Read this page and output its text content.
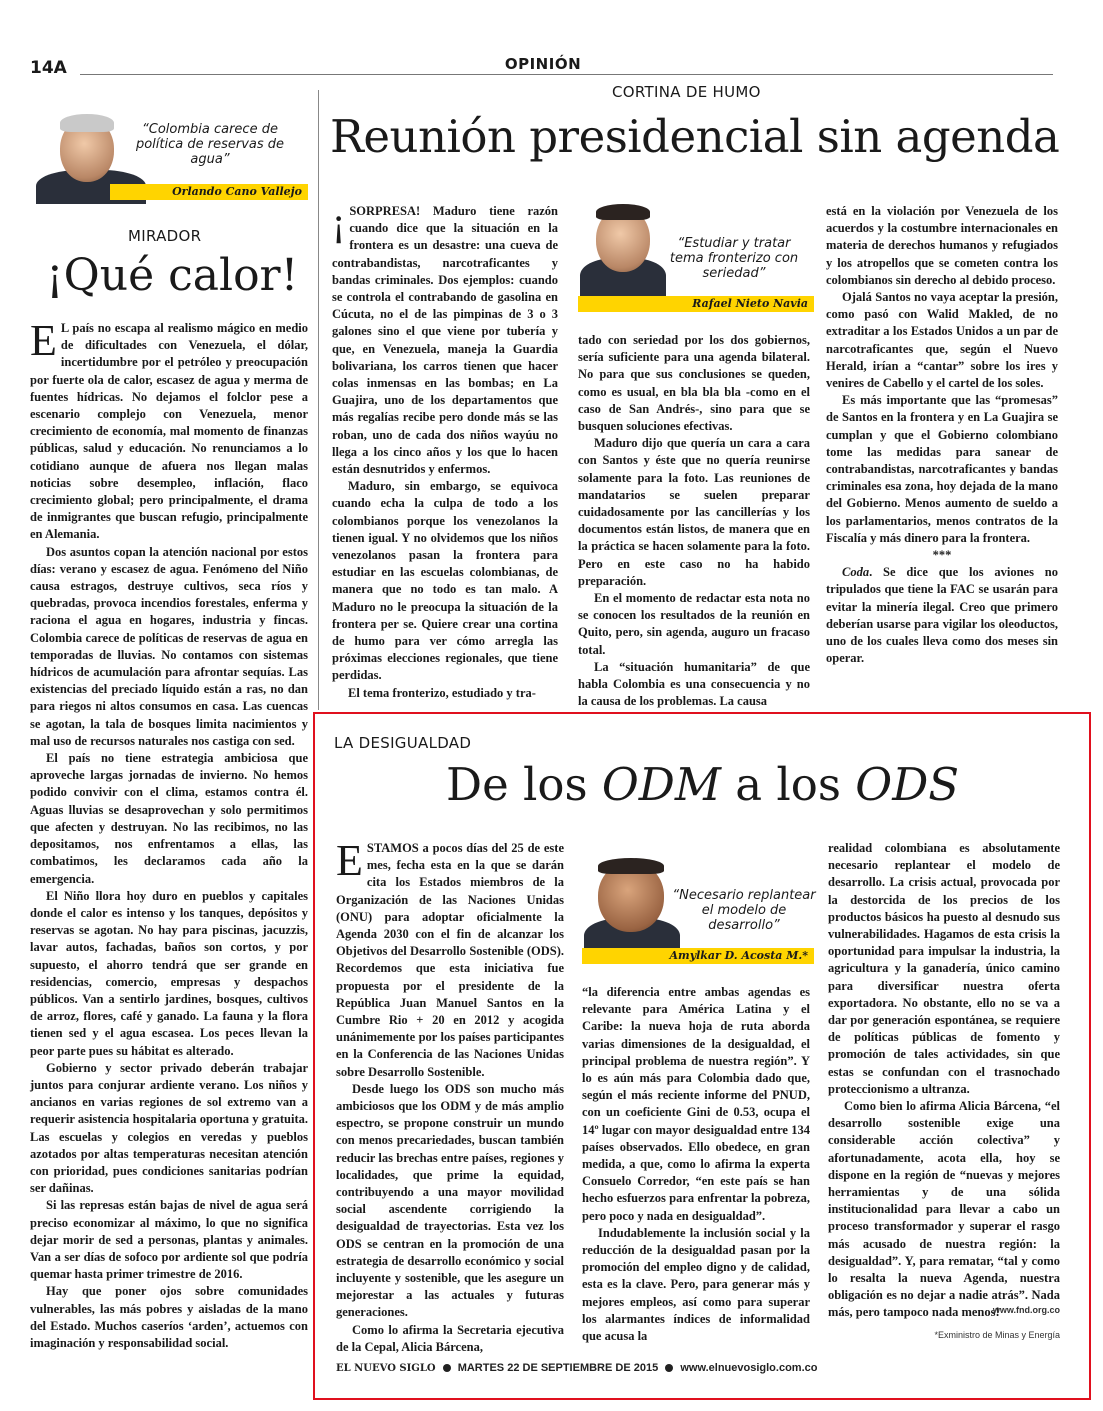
14A	OPINIÓN
“Colombia carece de política de reservas de agua”
Orlando Cano Vallejo
MIRADOR
¡Qué calor!

E L país no escapa al realismo mágico en medio de dificultades con Venezuela, el dólar, incertidumbre por el petróleo y preocupación por fuerte ola de calor, escasez de agua y merma de fuentes hídricas. No dejamos el folclor pese a escenario complejo con Venezuela, menor crecimiento de economía, mal momento de finanzas públicas, salud y educación. No renunciamos a lo cotidiano aunque de afuera nos llegan malas noticias sobre desempleo, inflación, flaco crecimiento global; pero principalmente, el drama de inmigrantes que buscan refugio, principalmente en Alemania.

Dos asuntos copan la atención nacional por estos días: verano y escasez de agua. Fenómeno del Niño causa estragos, destruye cultivos, seca ríos y quebradas, provoca incendios forestales, enferma y raciona el agua en hogares, industria y fincas. Colombia carece de políticas de reservas de agua en temporadas de lluvias. No contamos con sistemas hídricos de acumulación para afrontar sequías. Las existencias del preciado líquido están a ras, no dan para riegos ni altos consumos en casa. Las cuencas se agotan, la tala de bosques limita nacimientos y mal uso de recursos naturales nos castiga con sed.

El país no tiene estrategia ambiciosa que aproveche largas jornadas de invierno. No hemos podido convivir con el clima, estamos contra él. Aguas lluvias se desaprovechan y solo permitimos que afecten y destruyan. No las recibimos, no las depositamos, nos enfrentamos a ellas, las combatimos, les declaramos cada año la emergencia.

El Niño llora hoy duro en pueblos y capitales donde el calor es intenso y los tanques, depósitos y reservas se agotan. No hay para piscinas, jacuzzis, lavar autos, fachadas, baños son cortos, y por supuesto, el ahorro tendrá que ser grande en residencias, comercio, empresas y despachos públicos. Van a sentirlo jardines, bosques, cultivos de arroz, flores, café y ganado. La fauna y la flora tienen sed y el agua escasea. Los peces llevan la peor parte pues su hábitat es alterado.

Gobierno y sector privado deberán trabajar juntos para conjurar ardiente verano. Los niños y ancianos en varias regiones de sol extremo van a requerir asistencia hospitalaria oportuna y gratuita. Las escuelas y colegios en veredas y pueblos azotados por altas temperaturas necesitan atención con prioridad, pues condiciones sanitarias podrían ser dañinas.

Si las represas están bajas de nivel de agua será preciso economizar al máximo, lo que no significa dejar morir de sed a personas, plantas y animales. Van a ser días de sofoco por ardiente sol que podría quemar hasta primer trimestre de 2016.

Hay que poner ojos sobre comunidades vulnerables, las más pobres y aisladas de la mano del Estado. Muchos caseríos ‘arden’, actuemos con imaginación y responsabilidad social.

CORTINA DE HUMO
Reunión presidencial sin agenda

¡ SORPRESA! Maduro tiene razón cuando dice que la situación en la frontera es un desastre: una cueva de contrabandistas, narcotraficantes y bandas criminales. Dos ejemplos: cuando se controla el contrabando de gasolina en Cúcuta, no el de las pimpinas de 3 o 3 galones sino el que viene por tubería y que, en Venezuela, maneja la Guardia bolivariana, los carros tienen que hacer colas inmensas en las bombas; en La Guajira, uno de los departamentos que más regalías recibe pero donde más se las roban, uno de cada dos niños wayúu no llega a los cinco años y los que lo hacen están desnutridos y enfermos.

Maduro, sin embargo, se equivoca cuando echa la culpa de todo a los colombianos porque los venezolanos la tienen igual. Y no olvidemos que los niños venezolanos pasan la frontera para estudiar en las escuelas colombianas, de manera que no todo es tan malo. A Maduro no le preocupa la situación de la frontera per se. Quiere crear una cortina de humo para ver cómo arregla las próximas elecciones regionales, que tiene perdidas.

El tema fronterizo, estudiado y tra-

“Estudiar y tratar tema fronterizo con seriedad”
Rafael Nieto Navia

tado con seriedad por los dos gobiernos, sería suficiente para una agenda bilateral. No para que sus conclusiones se queden, como es usual, en bla bla bla -como en el caso de San Andrés-, sino para que se busquen soluciones efectivas.

Maduro dijo que quería un cara a cara con Santos y éste que no quería reunirse solamente para la foto. Las reuniones de mandatarios se suelen preparar cuidadosamente por las cancillerías y los documentos están listos, de manera que en la práctica se hacen solamente para la foto. Pero en este caso no ha habido preparación.

En el momento de redactar esta nota no se conocen los resultados de la reunión en Quito, pero, sin agenda, auguro un fracaso total.

La “situación humanitaria” de que habla Colombia es una consecuencia y no la causa de los problemas. La causa

está en la violación por Venezuela de los acuerdos y la costumbre internacionales en materia de derechos humanos y refugiados y los atropellos que se cometen contra los colombianos sin derecho al debido proceso.

Ojalá Santos no vaya aceptar la presión, como pasó con Walid Makled, de no extraditar a los Estados Unidos a un par de narcotraficantes que, según el Nuevo Herald, irían a “cantar” sobre los ires y venires de Cabello y el cartel de los soles.

Es más importante que las “promesas” de Santos en la frontera y en La Guajira se cumplan y que el Gobierno colombiano tome las medidas para sanear de contrabandistas, narcotraficantes y bandas criminales esa zona, hoy dejada de la mano del Gobierno. Menos aumento de sueldo a los parlamentarios, menos contratos de la Fiscalía y más dinero para la frontera.

***

Coda. Se dice que los aviones no tripulados que tiene la FAC se usarán para evitar la minería ilegal. Creo que primero deberían usarse para vigilar los oleoductos, uno de los cuales lleva como dos meses sin operar.

LA DESIGUALDAD
De los ODM a los ODS

ESTAMOS a pocos días del 25 de este mes, fecha esta en la que se darán cita los Estados miembros de la Organización de las Naciones Unidas (ONU) para adoptar oficialmente la Agenda 2030 con el fin de alcanzar los Objetivos del Desarrollo Sostenible (ODS). Recordemos que esta iniciativa fue propuesta por el presidente de la República Juan Manuel Santos en la Cumbre Rio + 20 en 2012 y acogida unánimemente por los países participantes en la Conferencia de las Naciones Unidas sobre Desarrollo Sostenible.

Desde luego los ODS son mucho más ambiciosos que los ODM y de más amplio espectro, se propone construir un mundo con menos precariedades, buscan también reducir las brechas entre países, regiones y localidades, que prime la equidad, contribuyendo a una mayor movilidad social ascendente corrigiendo la desigualdad de trayectorias. Esta vez los ODS se centran en la promoción de una estrategia de desarrollo económico y social incluyente y sostenible, que les asegure un mejorestar a las actuales y futuras generaciones.

Como lo afirma la Secretaria ejecutiva de la Cepal, Alicia Bárcena,

“Necesario replantear el modelo de desarrollo”
Amylkar D. Acosta M.*

“la diferencia entre ambas agendas es relevante para América Latina y el Caribe: la nueva hoja de ruta aborda varias dimensiones de la desigualdad, el principal problema de nuestra región”. Y lo es aún más para Colombia dado que, según el más reciente informe del PNUD, con un coeficiente Gini de 0.53, ocupa el 14º lugar con mayor desigualdad entre 134 países observados. Ello obedece, en gran medida, a que, como lo afirma la experta Consuelo Corredor, “en este país se han hecho esfuerzos para enfrentar la pobreza, pero poco y nada en desigualdad”.

Indudablemente la inclusión social y la reducción de la desigualdad pasan por la promoción del empleo digno y de calidad, esta es la clave. Pero, para generar más y mejores empleos, así como para superar los alarmantes índices de informalidad que acusa la

realidad colombiana es absolutamente necesario replantear el modelo de desarrollo. La crisis actual, provocada por la destorcida de los precios de los productos básicos ha puesto al desnudo sus vulnerabilidades. Hagamos de esta crisis la oportunidad para impulsar la industria, la agricultura y la ganadería, único camino para diversificar nuestra oferta exportadora. No obstante, ello no se va a dar por generación espontánea, se requiere de políticas públicas de fomento y promoción de tales actividades, sin que estas se confundan con el trasnochado proteccionismo a ultranza.

Como bien lo afirma Alicia Bárcena, “el desarrollo sostenible exige una considerable acción colectiva” y afortunadamente, acota ella, hoy se dispone en la región de “nuevas y mejores herramientas y de una sólida institucionalidad para llevar a cabo un proceso transformador y superar el rasgo más acusado de nuestra región: la desigualdad”. Y, para rematar, “tal y como lo resalta la nueva Agenda, nuestra obligación es no dejar a nadie atrás”. Nada más, pero tampoco nada menos!

www.fnd.org.co
*Exministro de Minas y Energía
EL NUEVO SIGLO MARTES 22 DE SEPTIEMBRE DE 2015 www.elnuevosiglo.com.co
